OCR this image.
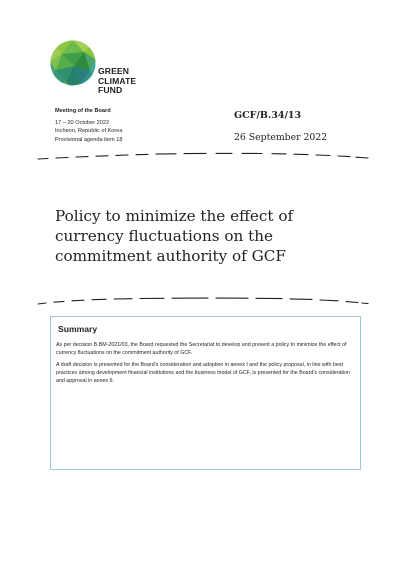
GREEN
CLIMATE
FUND
Meeting of the Board
17 – 20 October 2022
Incheon, Republic of Korea
Provisional agenda item 18
GCF/B.34/13
26 September 2022
Policy to minimize the effect of currency fluctuations on the commitment authority of GCF
Summary

As per decision B.BM-2021/03, the Board requested the Secretariat to develop and present a policy to minimize the effect of currency fluctuations on the commitment authority of GCF.

A draft decision is presented for the Board's consideration and adoption in annex I and the policy proposal, in line with best practices among development financial institutions and the business model of GCF, is presented for the Board's consideration and approval in annex II.
